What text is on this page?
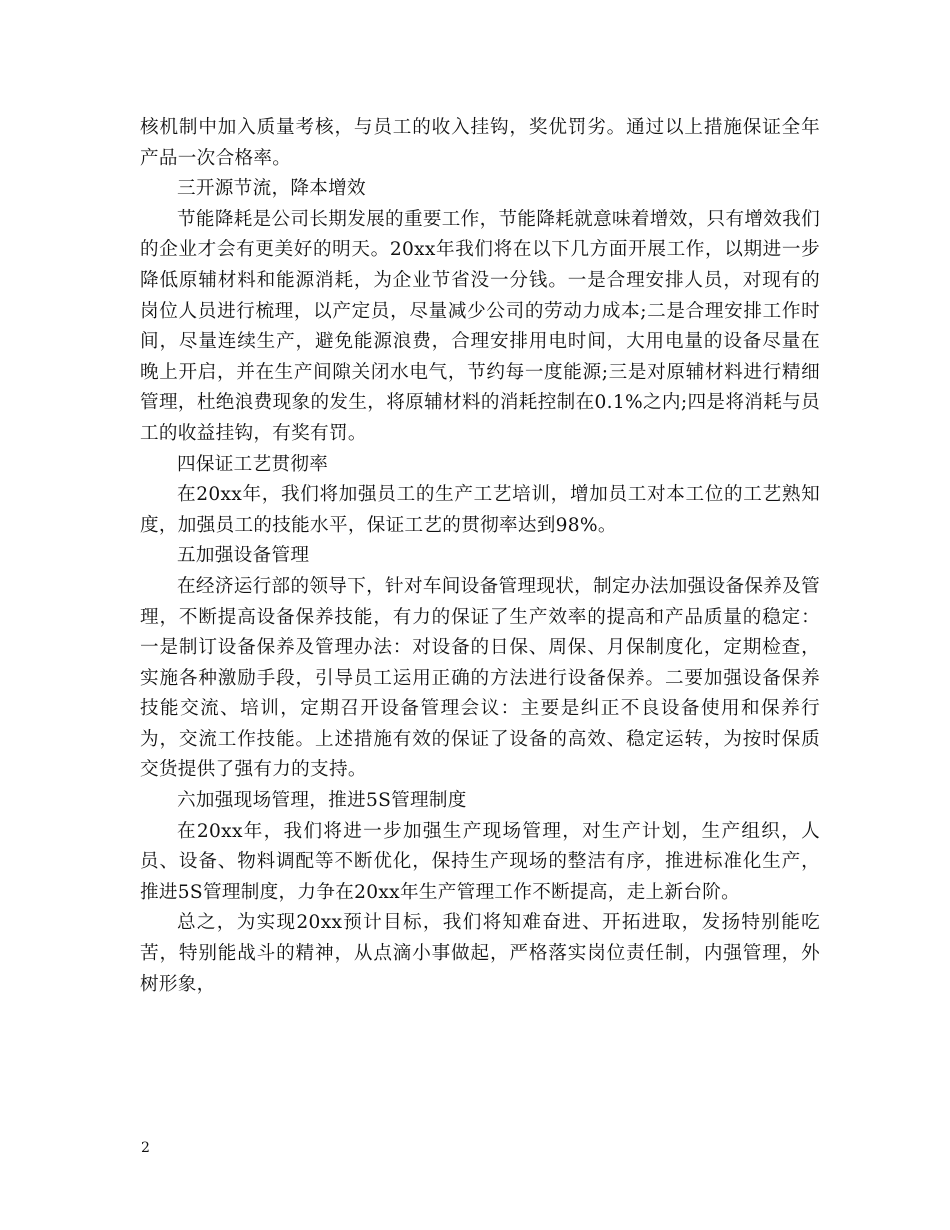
核机制中加入质量考核，与员工的收入挂钩，奖优罚劣。通过以上措施保证全年产品一次合格率。

三开源节流，降本增效

节能降耗是公司长期发展的重要工作，节能降耗就意味着增效，只有增效我们的企业才会有更美好的明天。20xx年我们将在以下几方面开展工作，以期进一步降低原辅材料和能源消耗，为企业节省没一分钱。一是合理安排人员，对现有的岗位人员进行梳理，以产定员，尽量减少公司的劳动力成本;二是合理安排工作时间，尽量连续生产，避免能源浪费，合理安排用电时间，大用电量的设备尽量在晚上开启，并在生产间隙关闭水电气，节约每一度能源;三是对原辅材料进行精细管理，杜绝浪费现象的发生，将原辅材料的消耗控制在0.1%之内;四是将消耗与员工的收益挂钩，有奖有罚。

四保证工艺贯彻率

在20xx年，我们将加强员工的生产工艺培训，增加员工对本工位的工艺熟知度，加强员工的技能水平，保证工艺的贯彻率达到98%。

五加强设备管理

在经济运行部的领导下，针对车间设备管理现状，制定办法加强设备保养及管理，不断提高设备保养技能，有力的保证了生产效率的提高和产品质量的稳定：一是制订设备保养及管理办法：对设备的日保、周保、月保制度化，定期检查，实施各种激励手段，引导员工运用正确的方法进行设备保养。二要加强设备保养技能交流、培训，定期召开设备管理会议：主要是纠正不良设备使用和保养行为，交流工作技能。上述措施有效的保证了设备的高效、稳定运转，为按时保质交货提供了强有力的支持。

六加强现场管理，推进5S管理制度

在20xx年，我们将进一步加强生产现场管理，对生产计划，生产组织，人员、设备、物料调配等不断优化，保持生产现场的整洁有序，推进标准化生产，推进5S管理制度，力争在20xx年生产管理工作不断提高，走上新台阶。

总之，为实现20xx预计目标，我们将知难奋进、开拓进取，发扬特别能吃苦，特别能战斗的精神，从点滴小事做起，严格落实岗位责任制，内强管理，外树形象，

2
